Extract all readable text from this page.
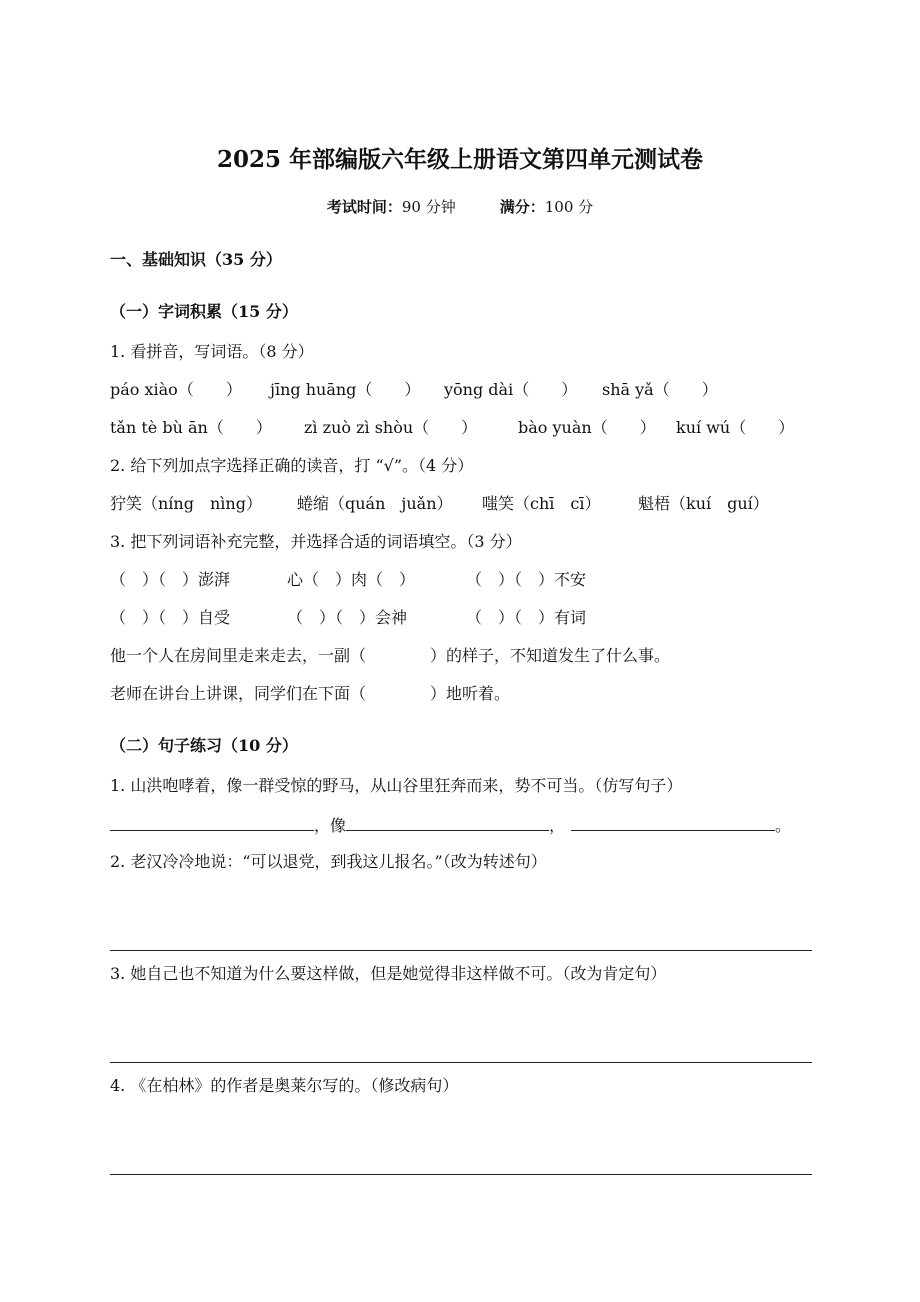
2025 年部编版六年级上册语文第四单元测试卷
考试时间：90 分钟	满分：100 分
一、基础知识（35 分）
（一）字词积累（15 分）
1. 看拼音，写词语。（8 分）
páo xiào（　　） jīng huāng（　　） yōng dài（　　） shā yǎ（　　）
tǎn tè bù ān（　　） zì zuò zì shòu（　　）	bào yuàn（　　） kuí wú（　　）
2. 给下列加点字选择正确的读音，打 “√”。（4 分）
狞笑（níng　nìng） 蜷缩（quán　juǎn） 嗤笑（chī　cī） 魁梧（kuí　guí）
3. 把下列词语补充完整，并选择合适的词语填空。（3 分）
（　）（　）澎湃	心（　）肉（　）	（　）（　）不安
（　）（　）自受	（　）（　）会神	（　）（　）有词
他一个人在房间里走来走去，一副（　　　　）的样子，不知道发生了什么事。
老师在讲台上讲课，同学们在下面（　　　　）地听着。
（二）句子练习（10 分）
1. 山洪咆哮着，像一群受惊的野马，从山谷里狂奔而来，势不可当。（仿写句子）
，像	，	。
2. 老汉冷冷地说：“可以退党，到我这儿报名。”（改为转述句）
3. 她自己也不知道为什么要这样做，但是她觉得非这样做不可。（改为肯定句）
4. 《在柏林》的作者是奥莱尔写的。（修改病句）
